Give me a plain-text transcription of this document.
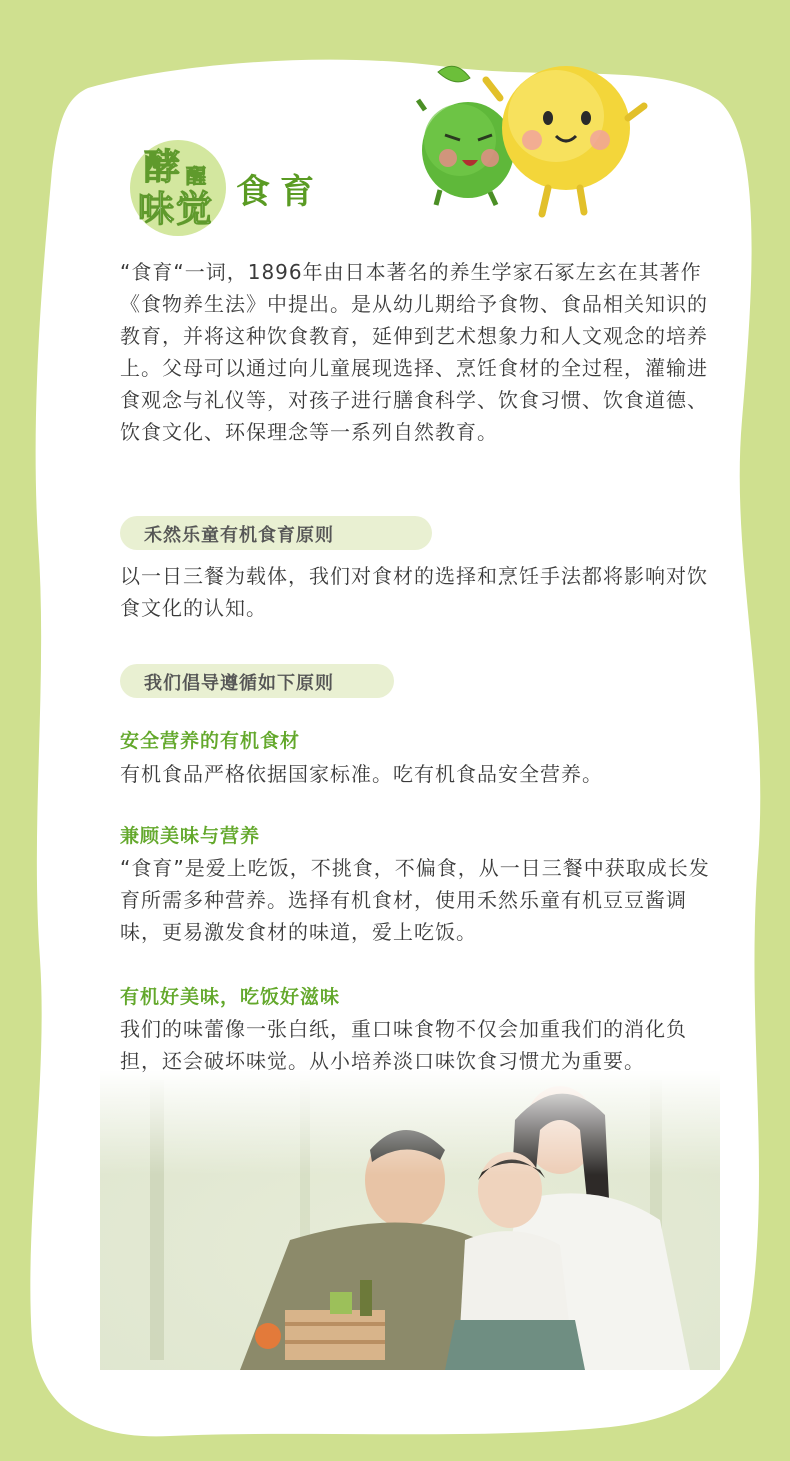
酵 醒
味 觉 食育

“食育“一词，1896年由日本著名的养生学家石冢左玄在其著作《食物养生法》中提出。是从幼儿期给予食物、食品相关知识的教育，并将这种饮食教育，延伸到艺术想象力和人文观念的培养上。父母可以通过向儿童展现选择、烹饪食材的全过程，灌输进食观念与礼仪等，对孩子进行膳食科学、饮食习惯、饮食道德、饮食文化、环保理念等一系列自然教育。

禾然乐童有机食育原则

以一日三餐为载体，我们对食材的选择和烹饪手法都将影响对饮食文化的认知。

我们倡导遵循如下原则
安全营养的有机食材

有机食品严格依据国家标准。吃有机食品安全营养。

兼顾美味与营养

“食育”是爱上吃饭，不挑食，不偏食，从一日三餐中获取成长发育所需多种营养。选择有机食材，使用禾然乐童有机豆豆酱调味，更易激发食材的味道，爱上吃饭。

有机好美味，吃饭好滋味

我们的味蕾像一张白纸，重口味食物不仅会加重我们的消化负担，还会破坏味觉。从小培养淡口味饮食习惯尤为重要。
